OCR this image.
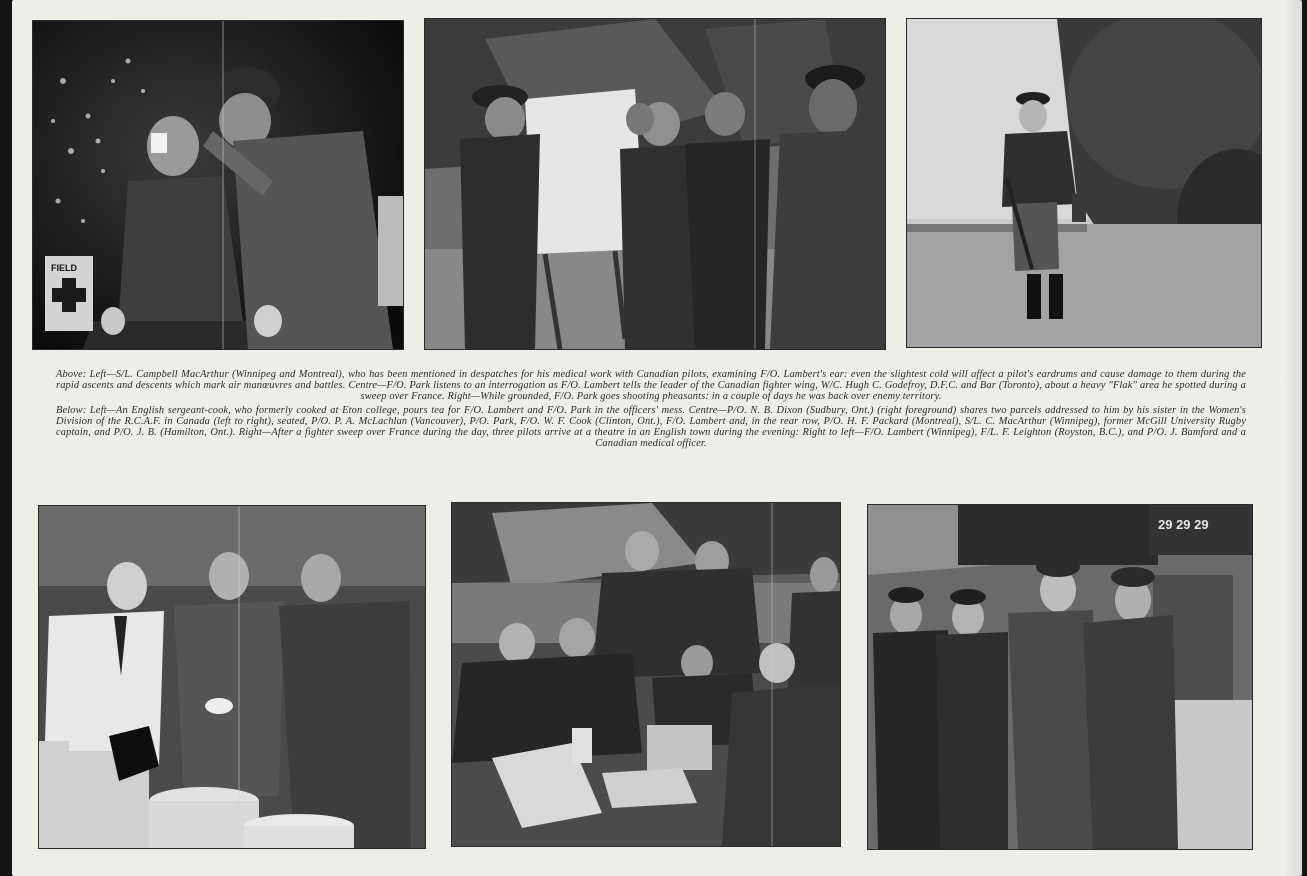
FIELD

Above: Left—S/L. Campbell MacArthur (Winnipeg and Montreal), who has been mentioned in despatches for his medical work with Canadian pilots, examining F/O. Lambert's ear: even the slightest cold will affect a pilot's eardrums and cause damage to them during the rapid ascents and descents which mark air manœuvres and battles. Centre—F/O. Park listens to an interrogation as F/O. Lambert tells the leader of the Canadian fighter wing, W/C. Hugh C. Godefroy, D.F.C. and Bar (Toronto), about a heavy "Flak" area he spotted during a sweep over France. Right—While grounded, F/O. Park goes shooting pheasants: in a couple of days he was back over enemy territory.

Below: Left—An English sergeant-cook, who formerly cooked at Eton college, pours tea for F/O. Lambert and F/O. Park in the officers' mess. Centre—P/O. N. B. Dixon (Sudbury, Ont.) (right foreground) shares two parcels addressed to him by his sister in the Women's Division of the R.C.A.F. in Canada (left to right), seated, P/O. P. A. McLachlan (Vancouver), P/O. Park, F/O. W. F. Cook (Clinton, Ont.), F/O. Lambert and, in the rear row, P/O. H. F. Packard (Montreal), S/L. C. MacArthur (Winnipeg), former McGill University Rugby captain, and P/O. J. B. (Hamilton, Ont.). Right—After a fighter sweep over France during the day, three pilots arrive at a theatre in an English town during the evening: Right to left—F/O. Lambert (Winnipeg), F/L. F. Leighton (Royston, B.C.), and P/O. J. Bamford and a Canadian medical officer.

29 29 29
